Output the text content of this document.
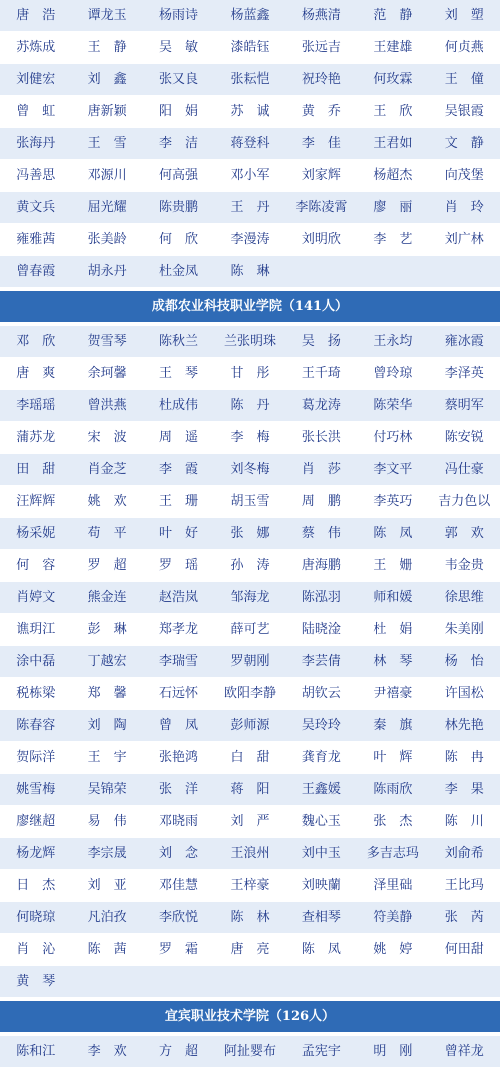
唐　浩	谭龙玉	杨雨诗	杨蓝鑫	杨燕清	范　静	刘　塑
苏炼成	王　静	吴　敏	漆皓钰	张远吉	王建雄	何贞燕
刘健宏	刘　鑫	张又良	张耘恺	祝玲艳	何玫霖	王　僮
曾　虹	唐新颖	阳　娟	苏　诚	黄　乔	王　欣	吴银霞
张海丹	王　雪	李　洁	蒋登科	李　佳	王君如	文　静
冯善思	邓源川	何高强	邓小军	刘家辉	杨超杰	向茂堡
黄文兵	屈光耀	陈贵鹏	王　丹	李陈凌霄	廖　丽	肖　玲
雍雅茜	张美龄	何　欣	李漫涛	刘明欣	李　艺	刘广林
曾春霞	胡永丹	杜金凤	陈　琳
成都农业科技职业学院（141人）
邓　欣	贺雪琴	陈秋兰	兰张明珠	吴　扬	王永均	雍冰霞
唐　爽	余珂馨	王　琴	甘　彤	王千琦	曾玲琼	李泽英
李瑶瑶	曾洪燕	杜成伟	陈　丹	葛龙涛	陈荣华	蔡明军
蒲苏龙	宋　波	周　遥	李　梅	张长洪	付巧林	陈安锐
田　甜	肖金芝	李　霞	刘冬梅	肖　莎	李文平	冯仕豪
汪辉辉	姚　欢	王　珊	胡玉雪	周　鹏	李英巧	吉力色以
杨采妮	苟　平	叶　好	张　娜	蔡　伟	陈　凤	郭　欢
何　容	罗　超	罗　瑶	孙　涛	唐海鹏	王　姗	韦金贵
肖婷文	熊金连	赵浩岚	邹海龙	陈泓羽	师和媛	徐思维
谯玥江	彭　琳	郑孝龙	薛可艺	陆晓淦	杜　娟	朱美刚
涂中磊	丁越宏	李瑞雪	罗朝刚	李芸倩	林　琴	杨　怡
税栋梁	郑　馨	石远怀	欧阳李静	胡钦云	尹禧豪	许国松
陈春容	刘　陶	曾　凤	彭师源	吴玲玲	秦　旗	林先艳
贺际洋	王　宇	张艳鸿	白　甜	龚育龙	叶　辉	陈　冉
姚雪梅	吴锦荣	张　洋	蒋　阳	王鑫媛	陈雨欣	李　果
廖继超	易　伟	邓晓雨	刘　严	魏心玉	张　杰	陈　川
杨龙辉	李宗晟	刘　念	王浪州	刘中玉	多吉志玛	刘俞希
日　杰	刘　亚	邓佳慧	王梓豪	刘映蘭	泽里础	王比玛
何晓琼	凡泊孜	李欣悦	陈　林	查相琴	符美静	张　芮
肖　沁	陈　茜	罗　霜	唐　亮	陈　凤	姚　婷	何田甜
黄　琴
宜宾职业技术学院（126人）
陈和江	李　欢	方　超	阿扯婴布	孟宪宇	明　刚	曾祥龙
